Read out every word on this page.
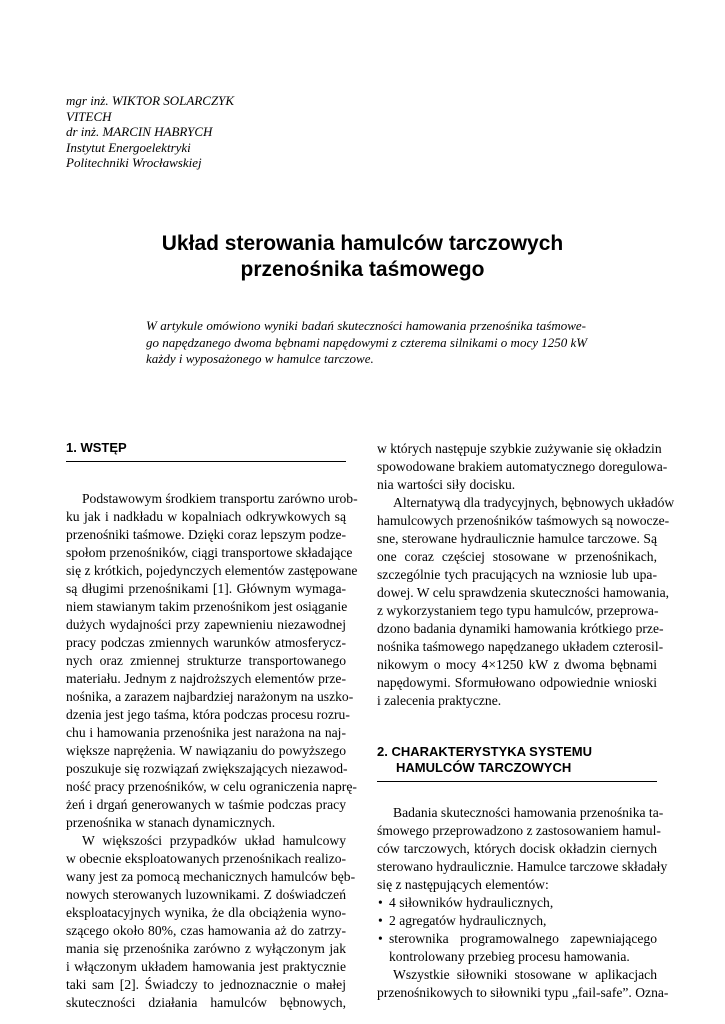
mgr inż. WIKTOR SOLARCZYK
VITECH
dr inż. MARCIN HABRYCH
Instytut Energoelektryki
Politechniki Wrocławskiej
Układ sterowania hamulców tarczowych
przenośnika taśmowego
W artykule omówiono wyniki badań skuteczności hamowania przenośnika taśmowe-
go napędzanego dwoma bębnami napędowymi z czterema silnikami o mocy 1250 kW
każdy i wyposażonego w hamulce tarczowe.
1. WSTĘP
Podstawowym środkiem transportu zarówno urob-
ku jak i nadkładu w kopalniach odkrywkowych są
przenośniki taśmowe. Dzięki coraz lepszym podze-
społom przenośników, ciągi transportowe składające
się z krótkich, pojedynczych elementów zastępowane
są długimi przenośnikami [1]. Głównym wymaga-
niem stawianym takim przenośnikom jest osiąganie
dużych wydajności przy zapewnieniu niezawodnej
pracy podczas zmiennych warunków atmosferycz-
nych oraz zmiennej strukturze transportowanego
materiału. Jednym z najdroższych elementów prze-
nośnika, a zarazem najbardziej narażonym na uszko-
dzenia jest jego taśma, która podczas procesu rozru-
chu i hamowania przenośnika jest narażona na naj-
większe naprężenia. W nawiązaniu do powyższego
poszukuje się rozwiązań zwiększających niezawod-
ność pracy przenośników, w celu ograniczenia naprę-
żeń i drgań generowanych w taśmie podczas pracy
przenośnika w stanach dynamicznych.
W większości przypadków układ hamulcowy
w obecnie eksploatowanych przenośnikach realizo-
wany jest za pomocą mechanicznych hamulców bęb-
nowych sterowanych luzownikami. Z doświadczeń
eksploatacyjnych wynika, że dla obciążenia wyno-
szącego około 80%, czas hamowania aż do zatrzy-
mania się przenośnika zarówno z wyłączonym jak
i włączonym układem hamowania jest praktycznie
taki sam [2]. Świadczy to jednoznacznie o małej
skuteczności działania hamulców bębnowych,
w których następuje szybkie zużywanie się okładzin
spowodowane brakiem automatycznego doregulowa-
nia wartości siły docisku.
Alternatywą dla tradycyjnych, bębnowych układów
hamulcowych przenośników taśmowych są nowocze-
sne, sterowane hydraulicznie hamulce tarczowe. Są
one coraz częściej stosowane w przenośnikach,
szczególnie tych pracujących na wzniosie lub upa-
dowej. W celu sprawdzenia skuteczności hamowania,
z wykorzystaniem tego typu hamulców, przeprowa-
dzono badania dynamiki hamowania krótkiego prze-
nośnika taśmowego napędzanego układem czterosil-
nikowym o mocy 4×1250 kW z dwoma bębnami
napędowymi. Sformułowano odpowiednie wnioski
i zalecenia praktyczne.
2. CHARAKTERYSTYKA SYSTEMU
HAMULCÓW TARCZOWYCH
Badania skuteczności hamowania przenośnika ta-
śmowego przeprowadzono z zastosowaniem hamul-
ców tarczowych, których docisk okładzin ciernych
sterowano hydraulicznie. Hamulce tarczowe składały
się z następujących elementów:
• 4 siłowników hydraulicznych,
• 2 agregatów hydraulicznych,
• sterownika programowalnego zapewniającego
kontrolowany przebieg procesu hamowania.
Wszystkie siłowniki stosowane w aplikacjach
przenośnikowych to siłowniki typu „fail-safe”. Ozna-
